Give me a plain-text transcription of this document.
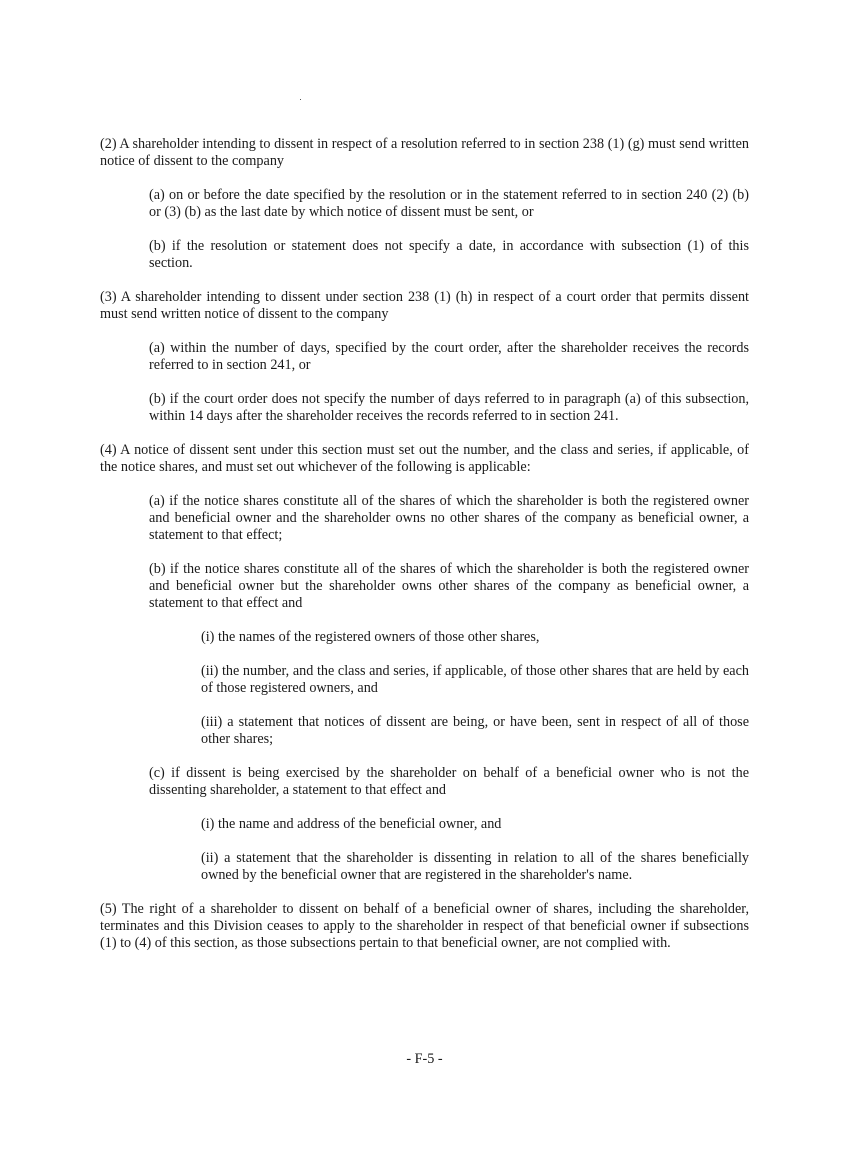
(2) A shareholder intending to dissent in respect of a resolution referred to in section 238 (1) (g) must send written notice of dissent to the company

(a) on or before the date specified by the resolution or in the statement referred to in section 240 (2) (b) or (3) (b) as the last date by which notice of dissent must be sent, or

(b) if the resolution or statement does not specify a date, in accordance with subsection (1) of this section.

(3) A shareholder intending to dissent under section 238 (1) (h) in respect of a court order that permits dissent must send written notice of dissent to the company

(a) within the number of days, specified by the court order, after the shareholder receives the records referred to in section 241, or

(b) if the court order does not specify the number of days referred to in paragraph (a) of this subsection, within 14 days after the shareholder receives the records referred to in section 241.

(4) A notice of dissent sent under this section must set out the number, and the class and series, if applicable, of the notice shares, and must set out whichever of the following is applicable:

(a) if the notice shares constitute all of the shares of which the shareholder is both the registered owner and beneficial owner and the shareholder owns no other shares of the company as beneficial owner, a statement to that effect;

(b) if the notice shares constitute all of the shares of which the shareholder is both the registered owner and beneficial owner but the shareholder owns other shares of the company as beneficial owner, a statement to that effect and

(i) the names of the registered owners of those other shares,

(ii) the number, and the class and series, if applicable, of those other shares that are held by each of those registered owners, and

(iii) a statement that notices of dissent are being, or have been, sent in respect of all of those other shares;

(c) if dissent is being exercised by the shareholder on behalf of a beneficial owner who is not the dissenting shareholder, a statement to that effect and

(i) the name and address of the beneficial owner, and

(ii) a statement that the shareholder is dissenting in relation to all of the shares beneficially owned by the beneficial owner that are registered in the shareholder's name.

(5) The right of a shareholder to dissent on behalf of a beneficial owner of shares, including the shareholder, terminates and this Division ceases to apply to the shareholder in respect of that beneficial owner if subsections (1) to (4) of this section, as those subsections pertain to that beneficial owner, are not complied with.

- F-5 -
